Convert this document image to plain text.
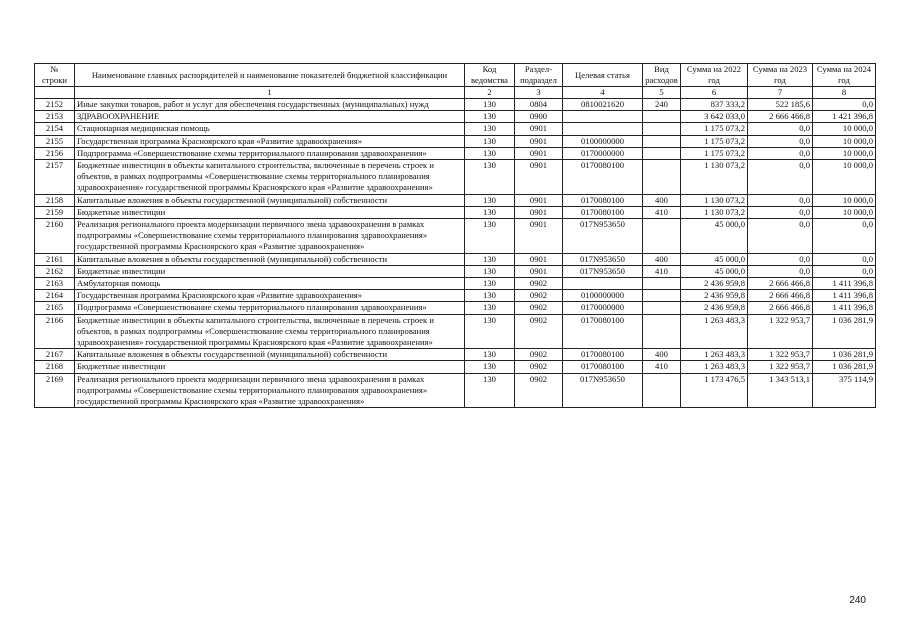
№ строки	Наименование главных распорядителей и наименование показателей бюджетной классификации	Код ведомства	Раздел-подраздел	Целевая статья	Вид расходов	Сумма на 2022 год	Сумма на 2023 год	Сумма на 2024 год
	1	2	3	4	5	6	7	8
2152	Иные закупки товаров, работ и услуг для обеспечения государственных (муниципальных) нужд	130	0804	0810021620	240	837 333,2	522 185,6	0,0
2153	ЗДРАВООХРАНЕНИЕ	130	0900			3 642 033,0	2 666 466,8	1 421 396,8
2154	Стационарная медицинская помощь	130	0901			1 175 073,2	0,0	10 000,0
2155	Государственная программа Красноярского края «Развитие здравоохранения»	130	0901	0100000000		1 175 073,2	0,0	10 000,0
2156	Подпрограмма «Совершенствование схемы территориального планирования здравоохранения»	130	0901	0170000000		1 175 073,2	0,0	10 000,0
2157	Бюджетные инвестиции в объекты капитального строительства, включенные в перечень строек и объектов, в рамках подпрограммы «Совершенствование схемы территориального планирования здравоохранения» государственной программы Красноярского края «Развитие здравоохранения»	130	0901	0170080100		1 130 073,2	0,0	10 000,0
2158	Капитальные вложения в объекты государственной (муниципальной) собственности	130	0901	0170080100	400	1 130 073,2	0,0	10 000,0
2159	Бюджетные инвестиции	130	0901	0170080100	410	1 130 073,2	0,0	10 000,0
2160	Реализация регионального проекта модернизации первичного звена здравоохранения в рамках подпрограммы «Совершенствование схемы территориального планирования здравоохранения» государственной программы Красноярского края «Развитие здравоохранения»	130	0901	017N953650		45 000,0	0,0	0,0
2161	Капитальные вложения в объекты государственной (муниципальной) собственности	130	0901	017N953650	400	45 000,0	0,0	0,0
2162	Бюджетные инвестиции	130	0901	017N953650	410	45 000,0	0,0	0,0
2163	Амбулаторная помощь	130	0902			2 436 959,8	2 666 466,8	1 411 396,8
2164	Государственная программа Красноярского края «Развитие здравоохранения»	130	0902	0100000000		2 436 959,8	2 666 466,8	1 411 396,8
2165	Подпрограмма «Совершенствование схемы территориального планирования здравоохранения»	130	0902	0170000000		2 436 959,8	2 666 466,8	1 411 396,8
2166	Бюджетные инвестиции в объекты капитального строительства, включенные в перечень строек и объектов, в рамках подпрограммы «Совершенствование схемы территориального планирования здравоохранения» государственной программы Красноярского края «Развитие здравоохранения»	130	0902	0170080100		1 263 483,3	1 322 953,7	1 036 281,9
2167	Капитальные вложения в объекты государственной (муниципальной) собственности	130	0902	0170080100	400	1 263 483,3	1 322 953,7	1 036 281,9
2168	Бюджетные инвестиции	130	0902	0170080100	410	1 263 483,3	1 322 953,7	1 036 281,9
2169	Реализация регионального проекта модернизации первичного звена здравоохранения в рамках подпрограммы «Совершенствование схемы территориального планирования здравоохранения» государственной программы Красноярского края «Развитие здравоохранения»	130	0902	017N953650		1 173 476,5	1 343 513,1	375 114,9
240
